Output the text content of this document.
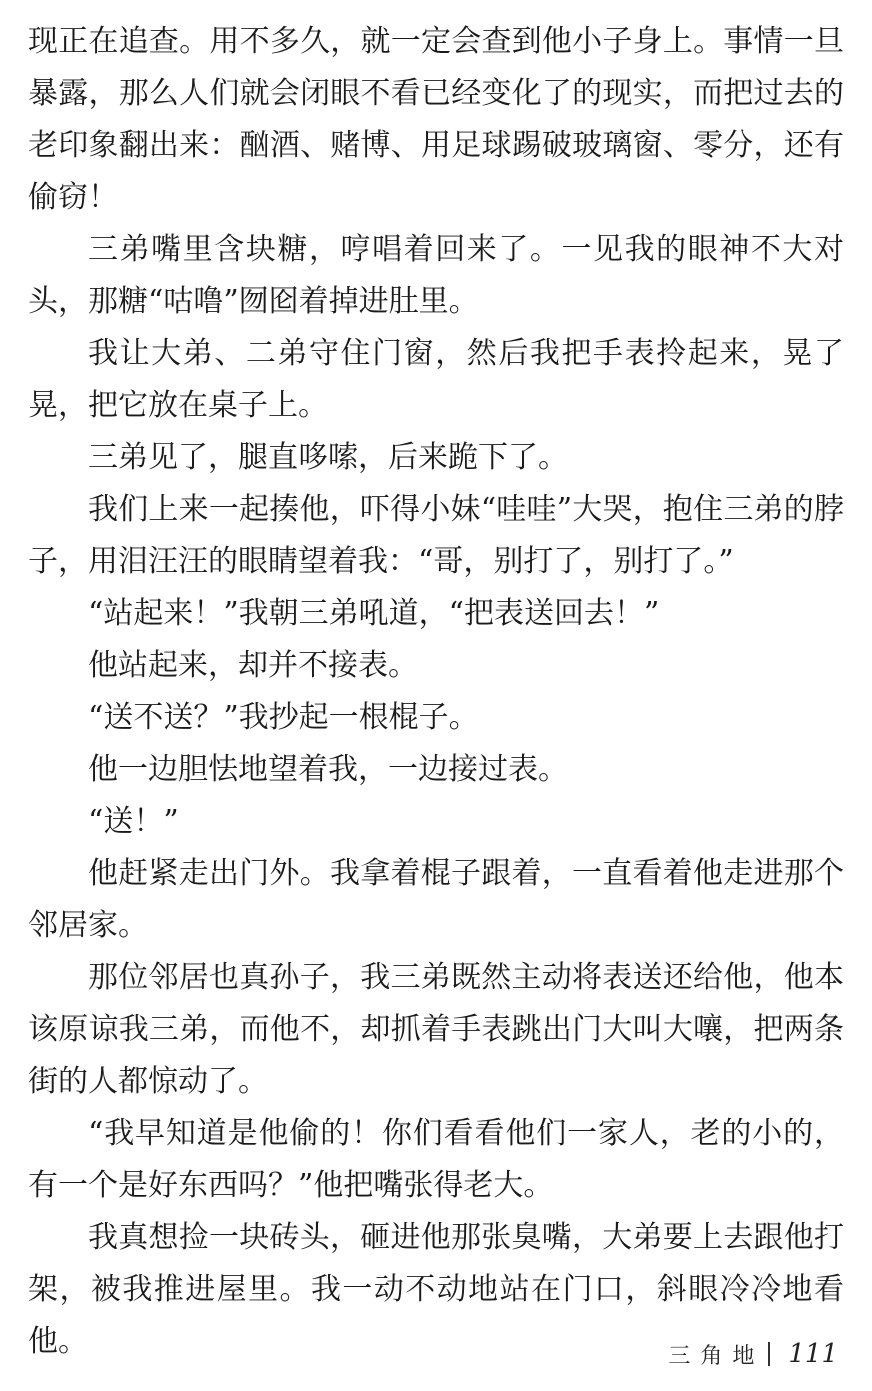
现正在追查。用不多久，就一定会查到他小子身上。事情一旦暴露，那么人们就会闭眼不看已经变化了的现实，而把过去的老印象翻出来：酗酒、赌博、用足球踢破玻璃窗、零分，还有偷窃！

三弟嘴里含块糖，哼唱着回来了。一见我的眼神不大对头，那糖“咕噜”囫囵着掉进肚里。

我让大弟、二弟守住门窗，然后我把手表拎起来，晃了晃，把它放在桌子上。

三弟见了，腿直哆嗦，后来跪下了。

我们上来一起揍他，吓得小妹“哇哇”大哭，抱住三弟的脖子，用泪汪汪的眼睛望着我：“哥，别打了，别打了。”

“站起来！”我朝三弟吼道，“把表送回去！”

他站起来，却并不接表。

“送不送？”我抄起一根棍子。

他一边胆怯地望着我，一边接过表。

“送！”

他赶紧走出门外。我拿着棍子跟着，一直看着他走进那个邻居家。

那位邻居也真孙子，我三弟既然主动将表送还给他，他本该原谅我三弟，而他不，却抓着手表跳出门大叫大嚷，把两条街的人都惊动了。

“我早知道是他偷的！你们看看他们一家人，老的小的，有一个是好东西吗？”他把嘴张得老大。

我真想捡一块砖头，砸进他那张臭嘴，大弟要上去跟他打架，被我推进屋里。我一动不动地站在门口，斜眼冷冷地看他。	三角地 111
